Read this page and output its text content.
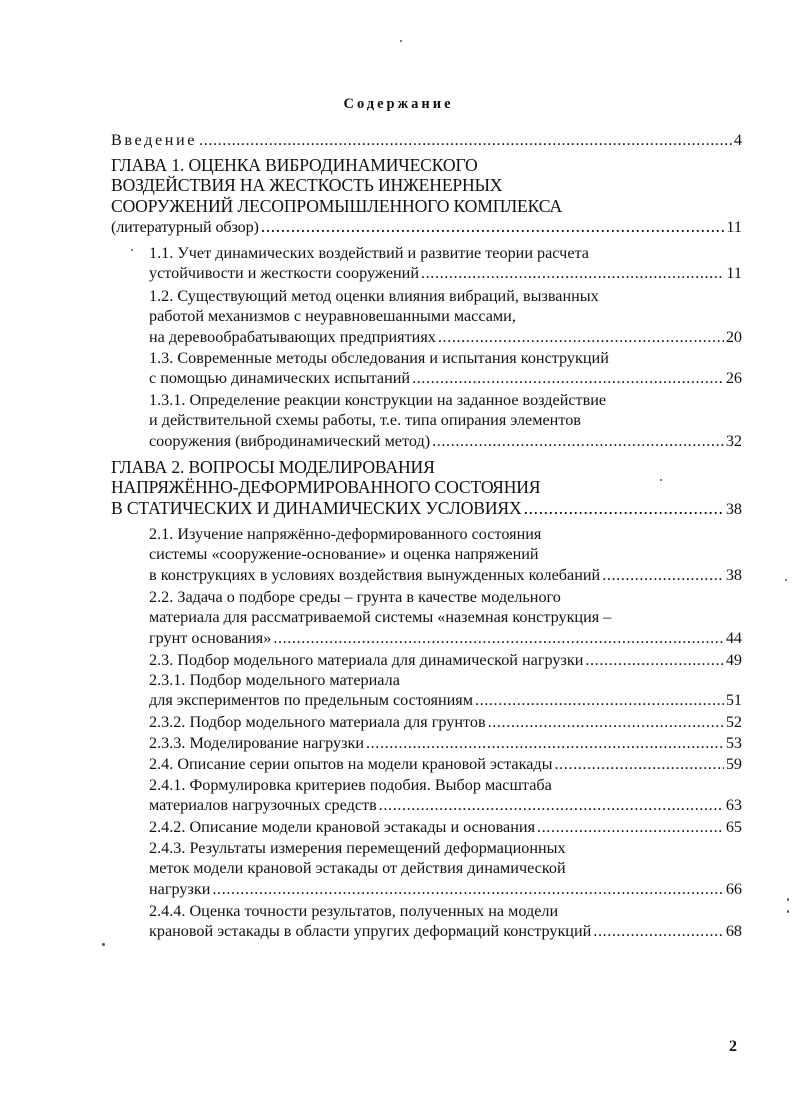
Содержание
Введение .....	4
ГЛАВА 1. ОЦЕНКА ВИБРОДИНАМИЧЕСКОГО
ВОЗДЕЙСТВИЯ НА ЖЕСТКОСТЬ ИНЖЕНЕРНЫХ
СООРУЖЕНИЙ ЛЕСОПРОМЫШЛЕННОГО КОМПЛЕКСА
(литературный обзор) .....	11
1.1. Учет динамических воздействий и развитие теории расчета
устойчивости и жесткости сооружений .....	11
1.2. Существующий метод оценки влияния вибраций, вызванных
работой механизмов с неуравновешанными массами,
на деревообрабатывающих предприятиях .....	20
1.3. Современные методы обследования и испытания конструкций
с помощью динамических испытаний .....	26
1.3.1. Определение реакции конструкции на заданное воздействие
и действительной схемы работы, т.е. типа опирания элементов
сооружения (вибродинамический метод) .....	32
ГЛАВА 2. ВОПРОСЫ МОДЕЛИРОВАНИЯ
НАПРЯЖЁННО-ДЕФОРМИРОВАННОГО СОСТОЯНИЯ
В СТАТИЧЕСКИХ И ДИНАМИЧЕСКИХ УСЛОВИЯХ .....	38
2.1. Изучение напряжённо-деформированного состояния
системы «сооружение-основание» и оценка напряжений
в конструкциях в условиях воздействия вынужденных колебаний .....	38
2.2. Задача о подборе среды – грунта в качестве модельного
материала для рассматриваемой системы «наземная конструкция –
грунт основания» .....	44
2.3. Подбор модельного материала для динамической нагрузки .....	49
2.3.1. Подбор модельного материала
для экспериментов по предельным состояниям .....	51
2.3.2. Подбор модельного материала для грунтов .....	52
2.3.3. Моделирование нагрузки .....	53
2.4. Описание серии опытов на модели крановой эстакады .....	59
2.4.1. Формулировка критериев подобия. Выбор масштаба
материалов нагрузочных средств .....	63
2.4.2. Описание модели крановой эстакады и основания .....	65
2.4.3. Результаты измерения перемещений деформационных
меток модели крановой эстакады от действия динамической
нагрузки .....	66
2.4.4. Оценка точности результатов, полученных на модели
крановой эстакады в области упругих деформаций конструкций .....	68
2
